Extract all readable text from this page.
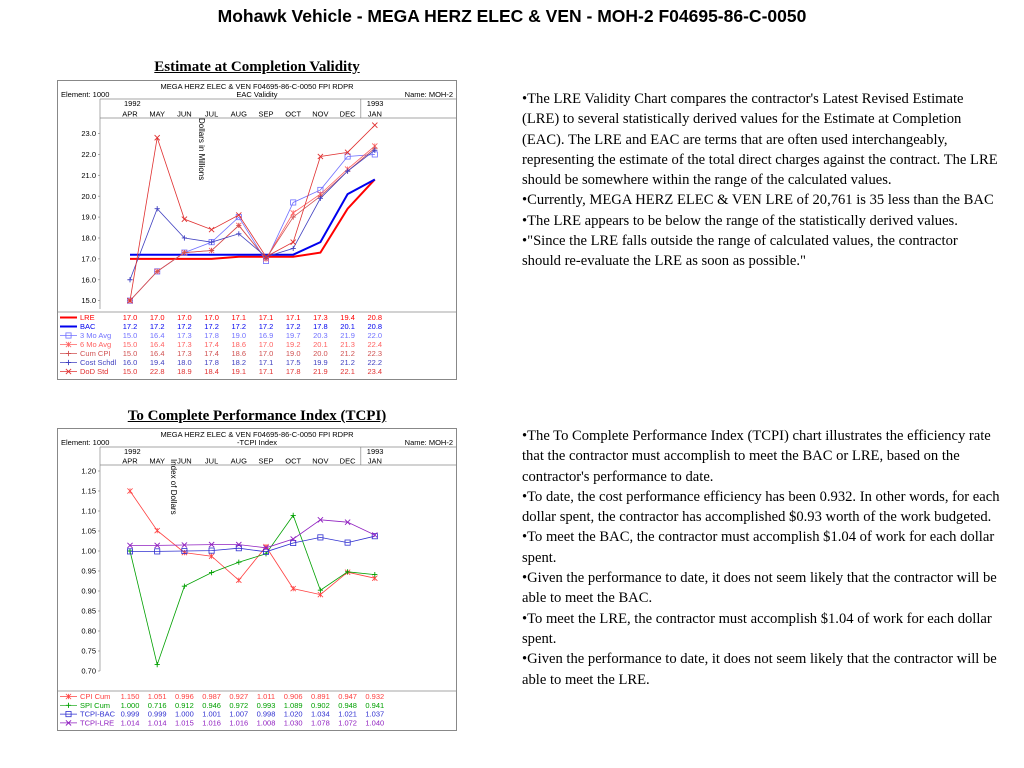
Mohawk Vehicle - MEGA HERZ ELEC & VEN - MOH-2 F04695-86-C-0050
Estimate at Completion Validity
MEGA HERZ ELEC & VEN F04695-86-C-0050 FPI RDPR
EAC Validity
Element: 1000	Name: MOH-2
1992	1993
APR MAY JUN JUL AUG SEP OCT NOV DEC JAN
23.0
22.0
21.0
20.0
19.0
18.0
17.0
16.0
15.0
Dollars in Millions
LRE	17.0 17.0 17.0 17.0 17.1 17.1 17.1 17.3 19.4 20.8
BAC	17.2 17.2 17.2 17.2 17.2 17.2 17.2 17.8 20.1 20.8
3 Mo Avg 15.0 16.4 17.3 17.8 19.0 16.9 19.7 20.3 21.9 22.0
6 Mo Avg 15.0 16.4 17.3 17.4 18.6 17.0 19.2 20.1 21.3 22.4
Cum CPI 15.0 16.4 17.3 17.4 18.6 17.0 19.0 20.0 21.2 22.3
Cost Schdl 16.0 19.4 18.0 17.8 18.2 17.1 17.5 19.9 21.2 22.2
DoD Std 15.0 22.8 18.9 18.4 19.1 17.1 17.8 21.9 22.1 23.4
To Complete Performance Index (TCPI)
MEGA HERZ ELEC & VEN F04695-86-C-0050 FPI RDPR
-TCPI Index
Element: 1000	Name: MOH-2
1992	1993
APR MAY JUN JUL AUG SEP OCT NOV DEC JAN
1.20
1.15
1.10
1.05
1.00
0.95
0.90
0.85
0.80
0.75
0.70
Index of Dollars
CPI Cum 1.150 1.051 0.996 0.987 0.927 1.011 0.906 0.891 0.947 0.932
SPI Cum 1.000 0.716 0.912 0.946 0.972 0.993 1.089 0.902 0.948 0.941
TCPI-BAC 0.999 0.999 1.000 1.001 1.007 0.998 1.020 1.034 1.021 1.037
TCPI-LRE 1.014 1.014 1.015 1.016 1.016 1.008 1.030 1.078 1.072 1.040

•The LRE Validity Chart compares the contractor's Latest Revised Estimate (LRE) to several statistically derived values for the Estimate at Completion (EAC). The LRE and EAC are terms that are often used interchangeably, representing the estimate of the total direct charges against the contract. The LRE should be somewhere within the range of the calculated values.

•Currently, MEGA HERZ ELEC & VEN LRE of 20,761 is 35 less than the BAC

•The LRE appears to be below the range of the statistically derived values.

•"Since the LRE falls outside the range of calculated values, the contractor should re-evaluate the LRE as soon as possible."

•The To Complete Performance Index (TCPI) chart illustrates the efficiency rate that the contractor must accomplish to meet the BAC or LRE, based on the contractor's performance to date.

•To date, the cost performance efficiency has been 0.932. In other words, for each dollar spent, the contractor has accomplished $0.93 worth of the work budgeted.

•To meet the BAC, the contractor must accomplish $1.04 of work for each dollar spent.

•Given the performance to date, it does not seem likely that the contractor will be able to meet the BAC.

•To meet the LRE, the contractor must accomplish $1.04 of work for each dollar spent.

•Given the performance to date, it does not seem likely that the contractor will be able to meet the LRE.
